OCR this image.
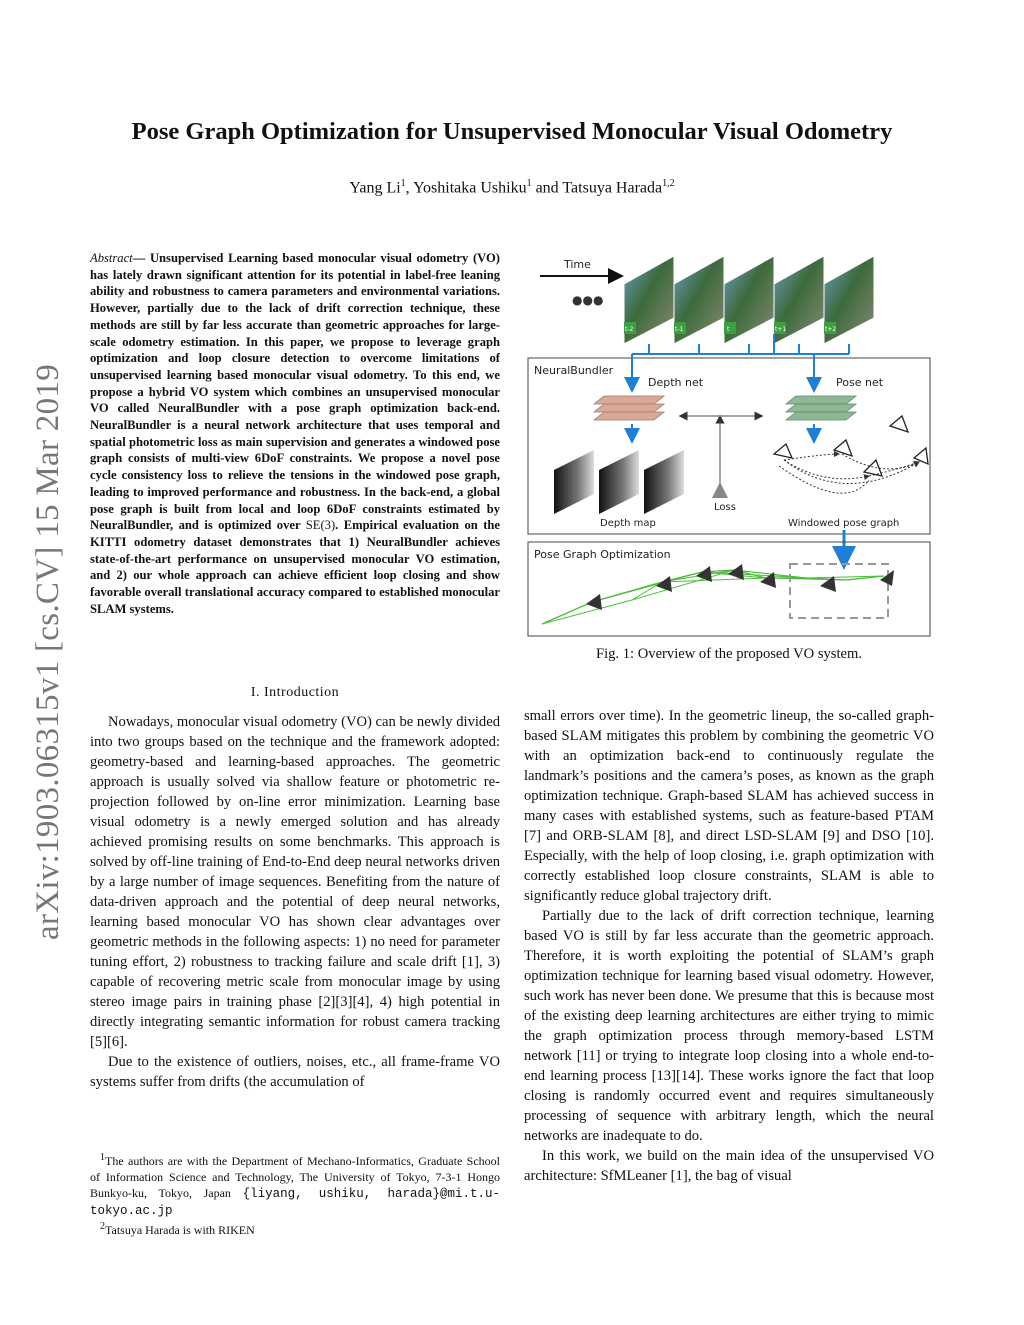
Pose Graph Optimization for Unsupervised Monocular Visual Odometry
Yang Li$^1$, Yoshitaka Ushiku$^1$ and Tatsuya Harada$^{1,2}$
arXiv:1903.06315v1 [cs.CV] 15 Mar 2019
Abstract— Unsupervised Learning based monocular visual odometry (VO) has lately drawn significant attention for its potential in label-free leaning ability and robustness to camera parameters and environmental variations. However, partially due to the lack of drift correction technique, these methods are still by far less accurate than geometric approaches for large-scale odometry estimation. In this paper, we propose to leverage graph optimization and loop closure detection to overcome limitations of unsupervised learning based monocular visual odometry. To this end, we propose a hybrid VO system which combines an unsupervised monocular VO called NeuralBundler with a pose graph optimization back-end. NeuralBundler is a neural network architecture that uses temporal and spatial photometric loss as main supervision and generates a windowed pose graph consists of multi-view 6DoF constraints. We propose a novel pose cycle consistency loss to relieve the tensions in the windowed pose graph, leading to improved performance and robustness. In the back-end, a global pose graph is built from local and loop 6DoF constraints estimated by NeuralBundler, and is optimized over SE(3). Empirical evaluation on the KITTI odometry dataset demonstrates that 1) NeuralBundler achieves state-of-the-art performance on unsupervised monocular VO estimation, and 2) our whole approach can achieve efficient loop closing and show favorable overall translational accuracy compared to established monocular SLAM systems.
I. Introduction

Nowadays, monocular visual odometry (VO) can be newly divided into two groups based on the technique and the framework adopted: geometry-based and learning-based approaches. The geometric approach is usually solved via shallow feature or photometric re-projection followed by on-line error minimization. Learning base visual odometry is a newly emerged solution and has already achieved promising results on some benchmarks. This approach is solved by off-line training of End-to-End deep neural networks driven by a large number of image sequences. Benefiting from the nature of data-driven approach and the potential of deep neural networks, learning based monocular VO has shown clear advantages over geometric methods in the following aspects: 1) no need for parameter tuning effort, 2) robustness to tracking failure and scale drift [1], 3) capable of recovering metric scale from monocular image by using stereo image pairs in training phase [2][3][4], 4) high potential in directly integrating semantic information for robust camera tracking [5][6].

Due to the existence of outliers, noises, etc., all frame-frame VO systems suffer from drifts (the accumulation of

$^1$The authors are with the Department of Mechano-Informatics, Graduate School of Information Science and Technology, The University of Tokyo, 7-3-1 Hongo Bunkyo-ku, Tokyo, Japan {liyang, ushiku, harada}@mi.t.u-tokyo.ac.jp

$^2$Tatsuya Harada is with RIKEN

Time
●●●
t-2	t-1	t	t+1	t+2
NeuralBundler
Depth net	Pose net
Loss
Depth map	Windowed pose graph
Pose Graph Optimization
Fig. 1: Overview of the proposed VO system.

small errors over time). In the geometric lineup, the so-called graph-based SLAM mitigates this problem by combining the geometric VO with an optimization back-end to continuously regulate the landmark’s positions and the camera’s poses, as known as the graph optimization technique. Graph-based SLAM has achieved success in many cases with established systems, such as feature-based PTAM [7] and ORB-SLAM [8], and direct LSD-SLAM [9] and DSO [10]. Especially, with the help of loop closing, i.e. graph optimization with correctly established loop closure constraints, SLAM is able to significantly reduce global trajectory drift.

Partially due to the lack of drift correction technique, learning based VO is still by far less accurate than the geometric approach. Therefore, it is worth exploiting the potential of SLAM’s graph optimization technique for learning based visual odometry. However, such work has never been done. We presume that this is because most of the existing deep learning architectures are either trying to mimic the graph optimization process through memory-based LSTM network [11] or trying to integrate loop closing into a whole end-to-end learning process [13][14]. These works ignore the fact that loop closing is randomly occurred event and requires simultaneously processing of sequence with arbitrary length, which the neural networks are inadequate to do.

In this work, we build on the main idea of the unsupervised VO architecture: SfMLeaner [1], the bag of visual
